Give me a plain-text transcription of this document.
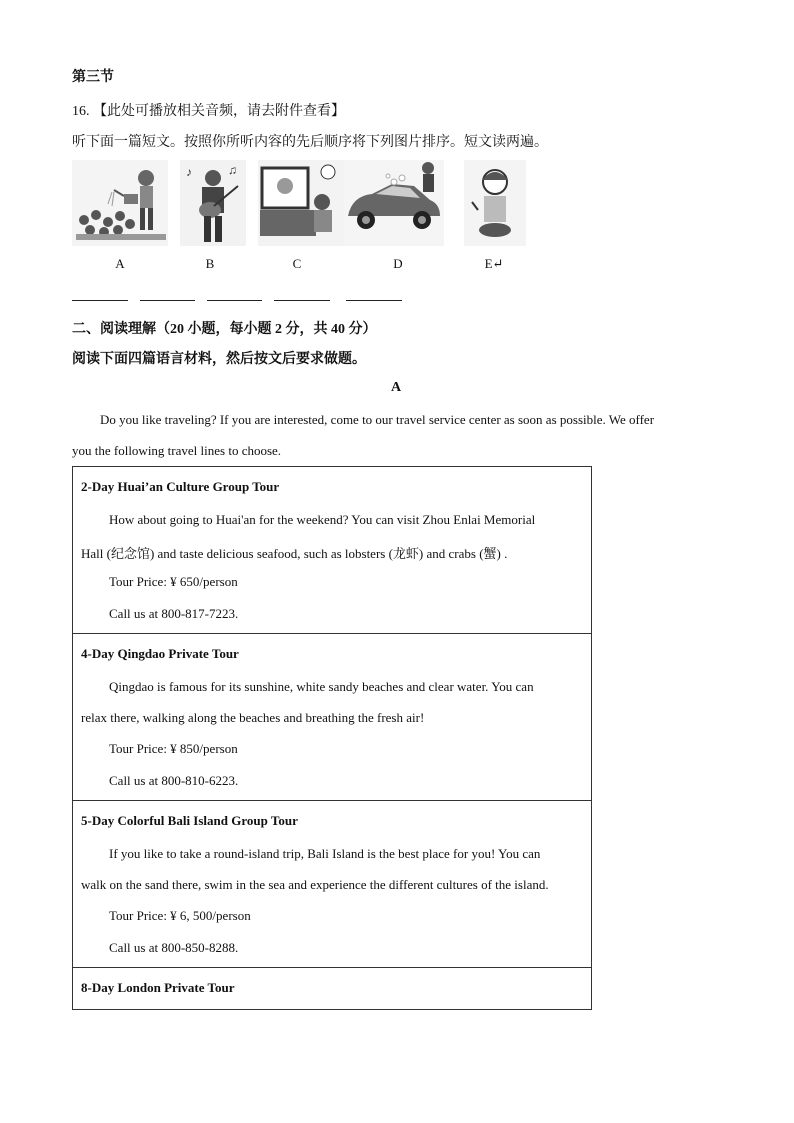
第三节
16. 【此处可播放相关音频，请去附件查看】
听下面一篇短文。按照你所听内容的先后顺序将下列图片排序。短文读两遍。
A
♪	♫
B	C	D	E↵
二、阅读理解（20 小题，每小题 2 分，共 40 分）
阅读下面四篇语言材料，然后按文后要求做题。
A
Do you like traveling? If you are interested, come to our travel service center as soon as possible. We offer
you the following travel lines to choose.
2-Day Huai’an Culture Group Tour
How about going to Huai'an for the weekend? You can visit Zhou Enlai Memorial
Hall (纪念馆) and taste delicious seafood, such as lobsters (龙虾) and crabs (蟹) .
Tour Price: ¥ 650/person
Call us at 800-817-7223.
4-Day Qingdao Private Tour
Qingdao is famous for its sunshine, white sandy beaches and clear water. You can
relax there, walking along the beaches and breathing the fresh air!
Tour Price: ¥ 850/person
Call us at 800-810-6223.
5-Day Colorful Bali Island Group Tour
If you like to take a round-island trip, Bali Island is the best place for you! You can
walk on the sand there, swim in the sea and experience the different cultures of the island.
Tour Price: ¥ 6, 500/person
Call us at 800-850-8288.
8-Day London Private Tour
